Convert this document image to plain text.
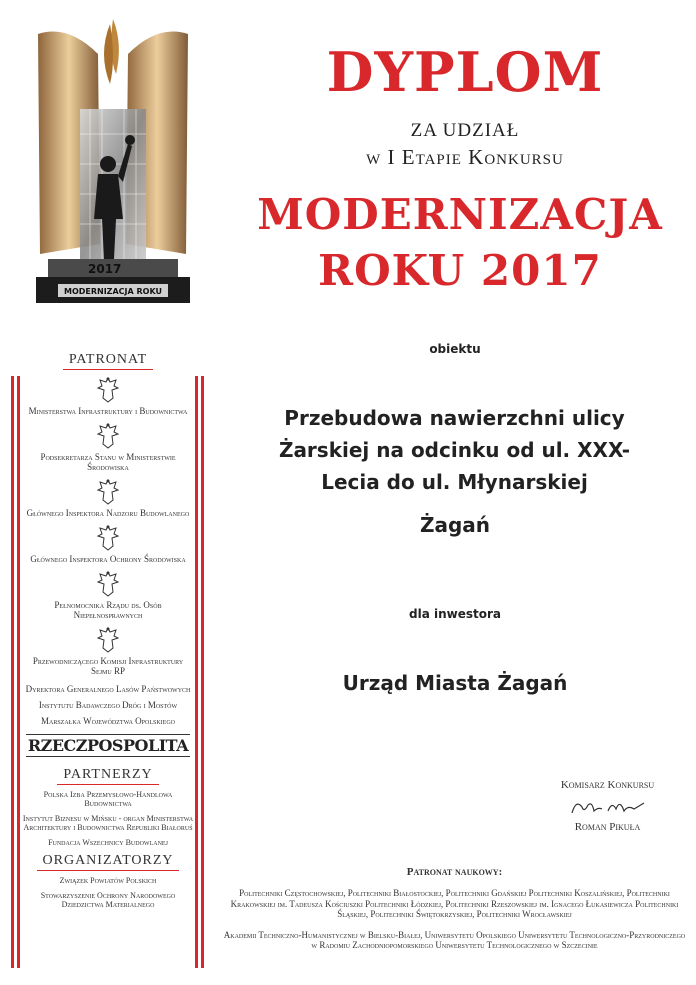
2017
MODERNIZACJA ROKU
DYPLOM
ZA UDZIAŁ
w I Etapie Konkursu
MODERNIZACJA
ROKU 2017
obiektu
Przebudowa nawierzchni ulicy
Żarskiej na odcinku od ul. XXX-
Lecia do ul. Młynarskiej
Żagań
dla inwestora
Urząd Miasta Żagań
PATRONAT
Ministerstwa Infrastruktury i Budownictwa
Podsekretarza Stanu w Ministerstwie Środowiska
Głównego Inspektora Nadzoru Budowlanego
Głównego Inspektora Ochrony Środowiska
Pełnomocnika Rządu ds. Osób Niepełnosprawnych
Przewodniczącego Komisji Infrastruktury Sejmu RP
Dyrektora Generalnego Lasów Państwowych
Instytutu Badawczego Dróg i Mostów
Marszałka Województwa Opolskiego
RZECZPOSPOLITA
PARTNERZY
Polska Izba Przemysłowo-Handlowa Budownictwa
Instytut Biznesu w Mińsku - organ Ministerstwa Architektury i Budownictwa Republiki Białoruś
Fundacja Wszechnicy Budowlanej
ORGANIZATORZY
Związek Powiatów Polskich
Stowarzyszenie Ochrony Narodowego Dziedzictwa Materialnego
Komisarz Konkursu
Roman Pikuła
Patronat naukowy:
Politechniki Częstochowskiej, Politechniki Białostockiej, Politechniki Gdańskiej Politechniki Koszalińskiej, Politechniki Krakowskiej im. Tadeusza Kościuszki Politechniki Łódzkiej, Politechniki Rzeszowskiej im. Ignacego Łukasiewicza Politechniki Śląskiej, Politechniki Świętokrzyskiej, Politechniki Wrocławskiej
Akademii Techniczno-Humanistycznej w Bielsku-Białej, Uniwersytetu Opolskiego Uniwersytetu Technologiczno-Przyrodniczego w Radomiu Zachodniopomorskiego Uniwersytetu Technologicznego w Szczecinie
